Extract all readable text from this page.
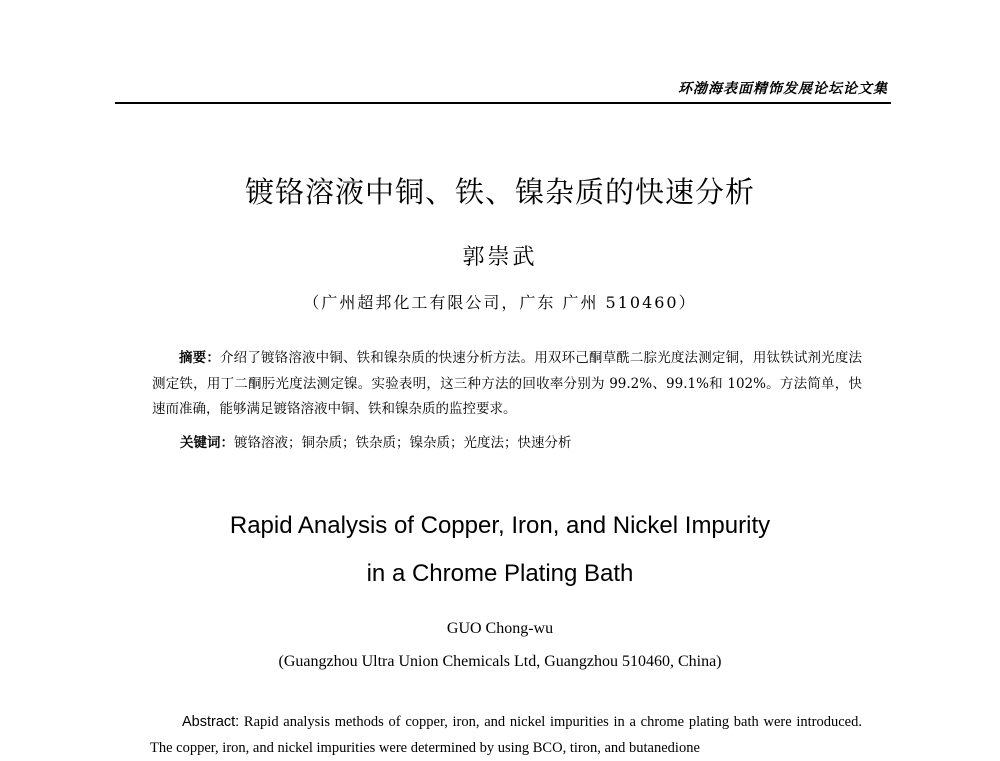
环渤海表面精饰发展论坛论文集
镀铬溶液中铜、铁、镍杂质的快速分析
郭崇武
（广州超邦化工有限公司，广东 广州 510460）
摘要：介绍了镀铬溶液中铜、铁和镍杂质的快速分析方法。用双环己酮草酰二腙光度法测定铜，用钛铁试剂光度法测定铁，用丁二酮肟光度法测定镍。实验表明，这三种方法的回收率分别为 99.2%、99.1%和 102%。方法简单，快速而准确，能够满足镀铬溶液中铜、铁和镍杂质的监控要求。
关键词：镀铬溶液；铜杂质；铁杂质；镍杂质；光度法；快速分析
Rapid Analysis of Copper, Iron, and Nickel Impurity
in a Chrome Plating Bath
GUO Chong-wu
(Guangzhou Ultra Union Chemicals Ltd, Guangzhou 510460, China)
Abstract: Rapid analysis methods of copper, iron, and nickel impurities in a chrome plating bath were introduced. The copper, iron, and nickel impurities were determined by using BCO, tiron, and butanedione
